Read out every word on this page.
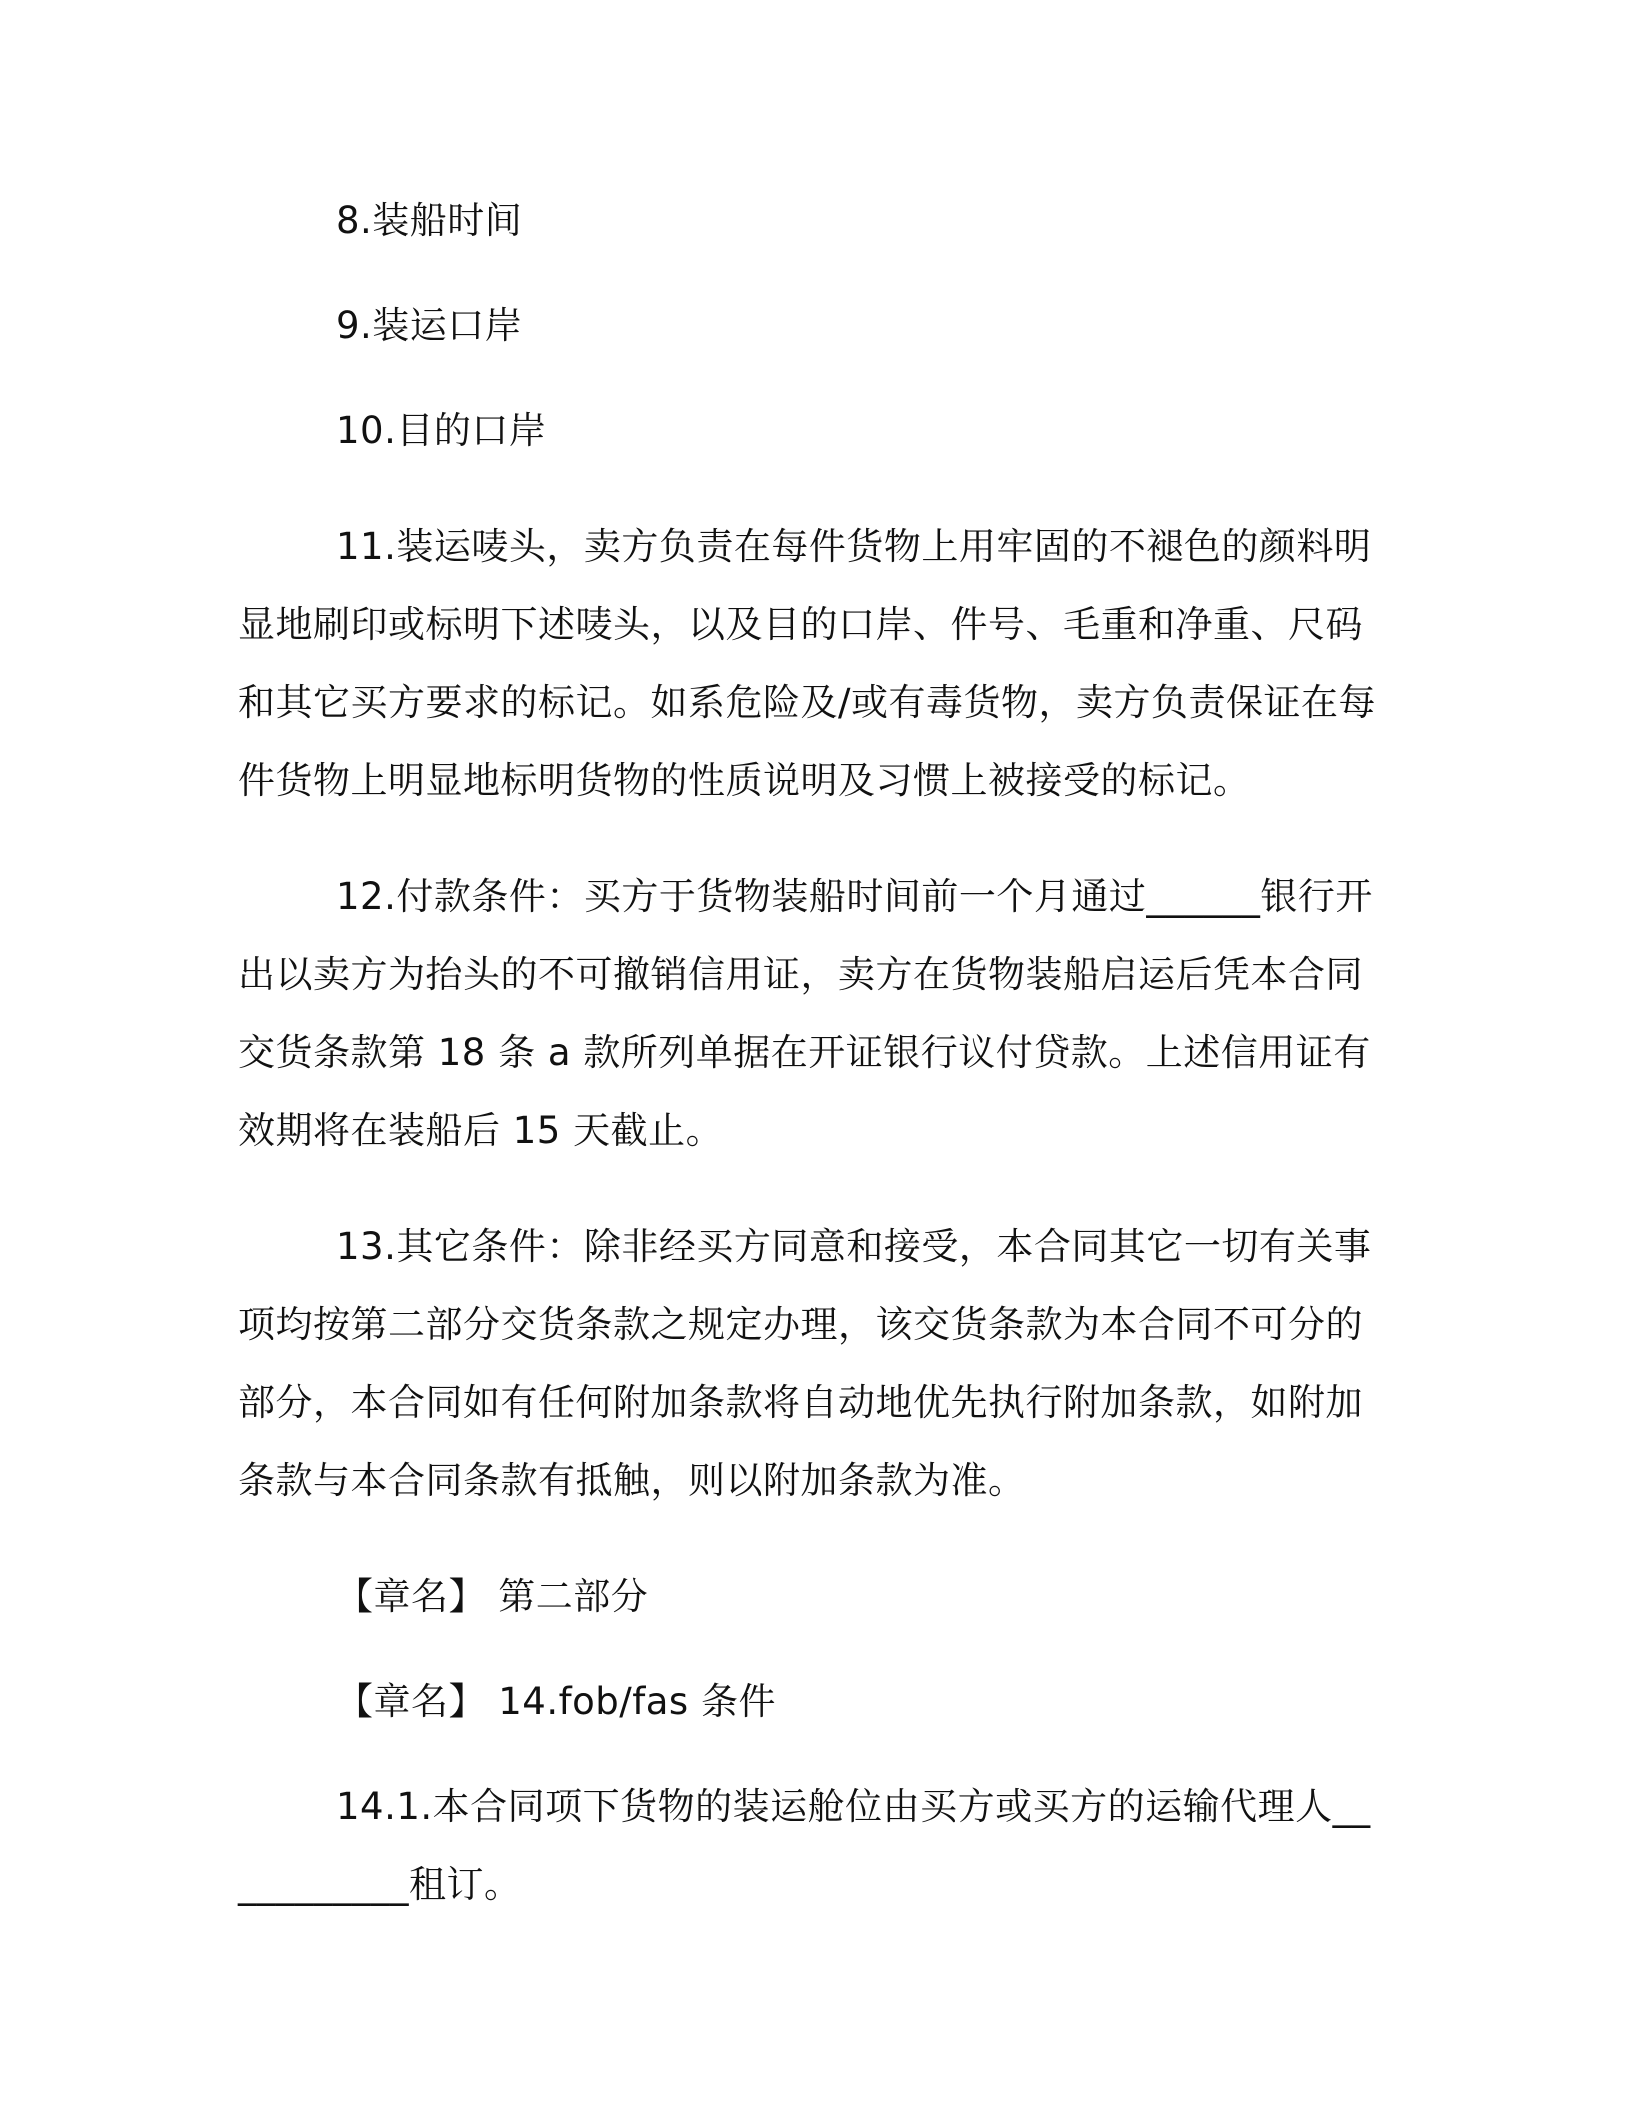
8.装船时间

9.装运口岸

10.目的口岸

11.装运唛头，卖方负责在每件货物上用牢固的不褪色的颜料明显地刷印或标明下述唛头，以及目的口岸、件号、毛重和净重、尺码和其它买方要求的标记。如系危险及/或有毒货物，卖方负责保证在每件货物上明显地标明货物的性质说明及习惯上被接受的标记。

12.付款条件：买方于货物装船时间前一个月通过______银行开出以卖方为抬头的不可撤销信用证，卖方在货物装船启运后凭本合同交货条款第 18 条 a 款所列单据在开证银行议付贷款。上述信用证有效期将在装船后 15 天截止。

13.其它条件：除非经买方同意和接受，本合同其它一切有关事项均按第二部分交货条款之规定办理，该交货条款为本合同不可分的部分，本合同如有任何附加条款将自动地优先执行附加条款，如附加条款与本合同条款有抵触，则以附加条款为准。

【章名】 第二部分

【章名】 14.fob/fas 条件

14.1.本合同项下货物的装运舱位由买方或买方的运输代理人___________租订。
